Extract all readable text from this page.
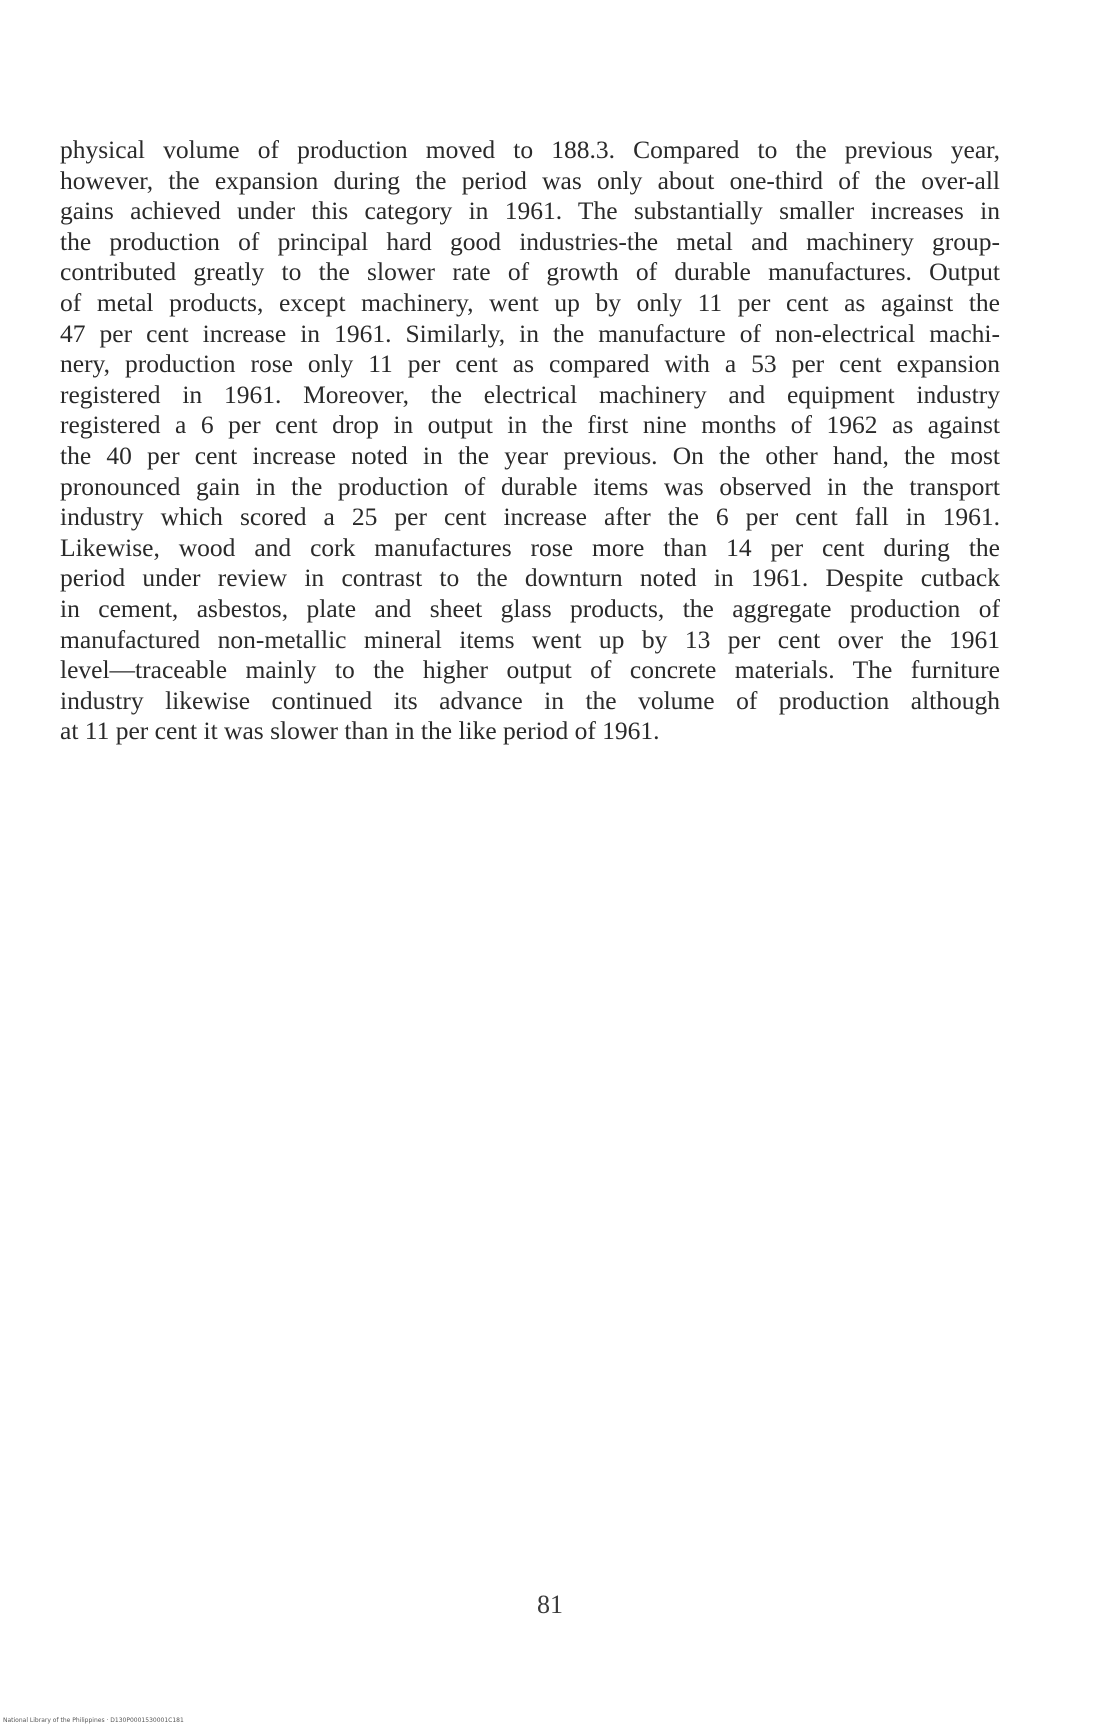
physical volume of production moved to 188.3. Compared to the previous year,
however, the expansion during the period was only about one-third of the over-all
gains achieved under this category in 1961. The substantially smaller increases in
the production of principal hard good industries-the metal and machinery group-
contributed greatly to the slower rate of growth of durable manufactures. Output
of metal products, except machinery, went up by only 11 per cent as against the
47 per cent increase in 1961. Similarly, in the manufacture of non-electrical machi-
nery, production rose only 11 per cent as compared with a 53 per cent expansion
registered in 1961. Moreover, the electrical machinery and equipment industry
registered a 6 per cent drop in output in the first nine months of 1962 as against
the 40 per cent increase noted in the year previous. On the other hand, the most
pronounced gain in the production of durable items was observed in the transport
industry which scored a 25 per cent increase after the 6 per cent fall in 1961.
Likewise, wood and cork manufactures rose more than 14 per cent during the
period under review in contrast to the downturn noted in 1961. Despite cutback
in cement, asbestos, plate and sheet glass products, the aggregate production of
manufactured non-metallic mineral items went up by 13 per cent over the 1961
level—traceable mainly to the higher output of concrete materials. The furniture
industry likewise continued its advance in the volume of production although
at 11 per cent it was slower than in the like period of 1961.
81
National Library of the Philippines · D130P0001530001C181
